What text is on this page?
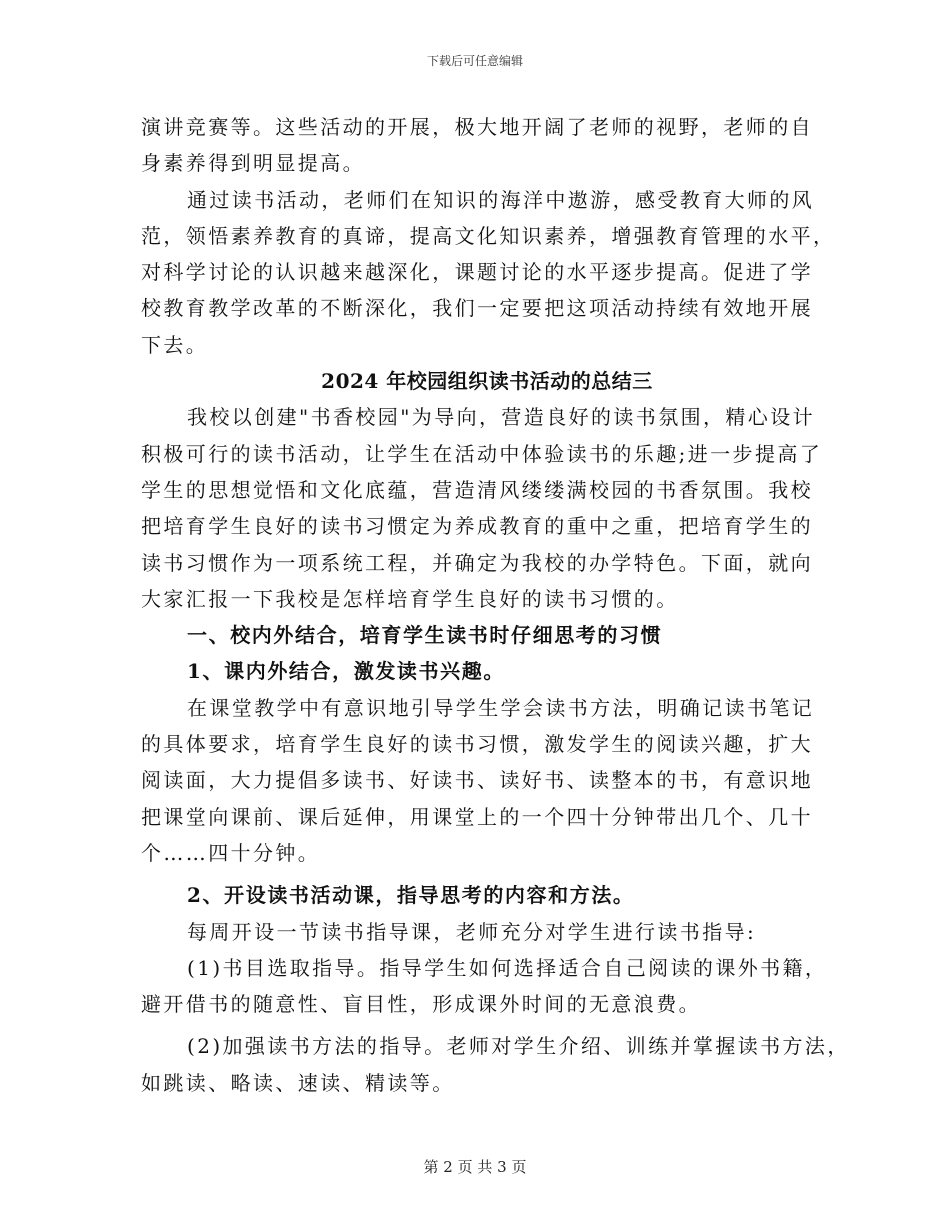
下载后可任意编辑
演讲竞赛等。这些活动的开展，极大地开阔了老师的视野，老师的自
身素养得到明显提高。
通过读书活动，老师们在知识的海洋中遨游，感受教育大师的风
范，领悟素养教育的真谛，提高文化知识素养，增强教育管理的水平，
对科学讨论的认识越来越深化，课题讨论的水平逐步提高。促进了学
校教育教学改革的不断深化，我们一定要把这项活动持续有效地开展
下去。
2024 年校园组织读书活动的总结三
我校以创建"书香校园"为导向，营造良好的读书氛围，精心设计
积极可行的读书活动，让学生在活动中体验读书的乐趣;进一步提高了
学生的思想觉悟和文化底蕴，营造清风缕缕满校园的书香氛围。我校
把培育学生良好的读书习惯定为养成教育的重中之重，把培育学生的
读书习惯作为一项系统工程，并确定为我校的办学特色。下面，就向
大家汇报一下我校是怎样培育学生良好的读书习惯的。
一、校内外结合，培育学生读书时仔细思考的习惯
1、课内外结合，激发读书兴趣。
在课堂教学中有意识地引导学生学会读书方法，明确记读书笔记
的具体要求，培育学生良好的读书习惯，激发学生的阅读兴趣，扩大
阅读面，大力提倡多读书、好读书、读好书、读整本的书，有意识地
把课堂向课前、课后延伸，用课堂上的一个四十分钟带出几个、几十
个……四十分钟。
2、开设读书活动课，指导思考的内容和方法。
每周开设一节读书指导课，老师充分对学生进行读书指导:
(1)书目选取指导。指导学生如何选择适合自己阅读的课外书籍，
避开借书的随意性、盲目性，形成课外时间的无意浪费。
(2)加强读书方法的指导。老师对学生介绍、训练并掌握读书方法，
如跳读、略读、速读、精读等。
第 2 页 共 3 页
